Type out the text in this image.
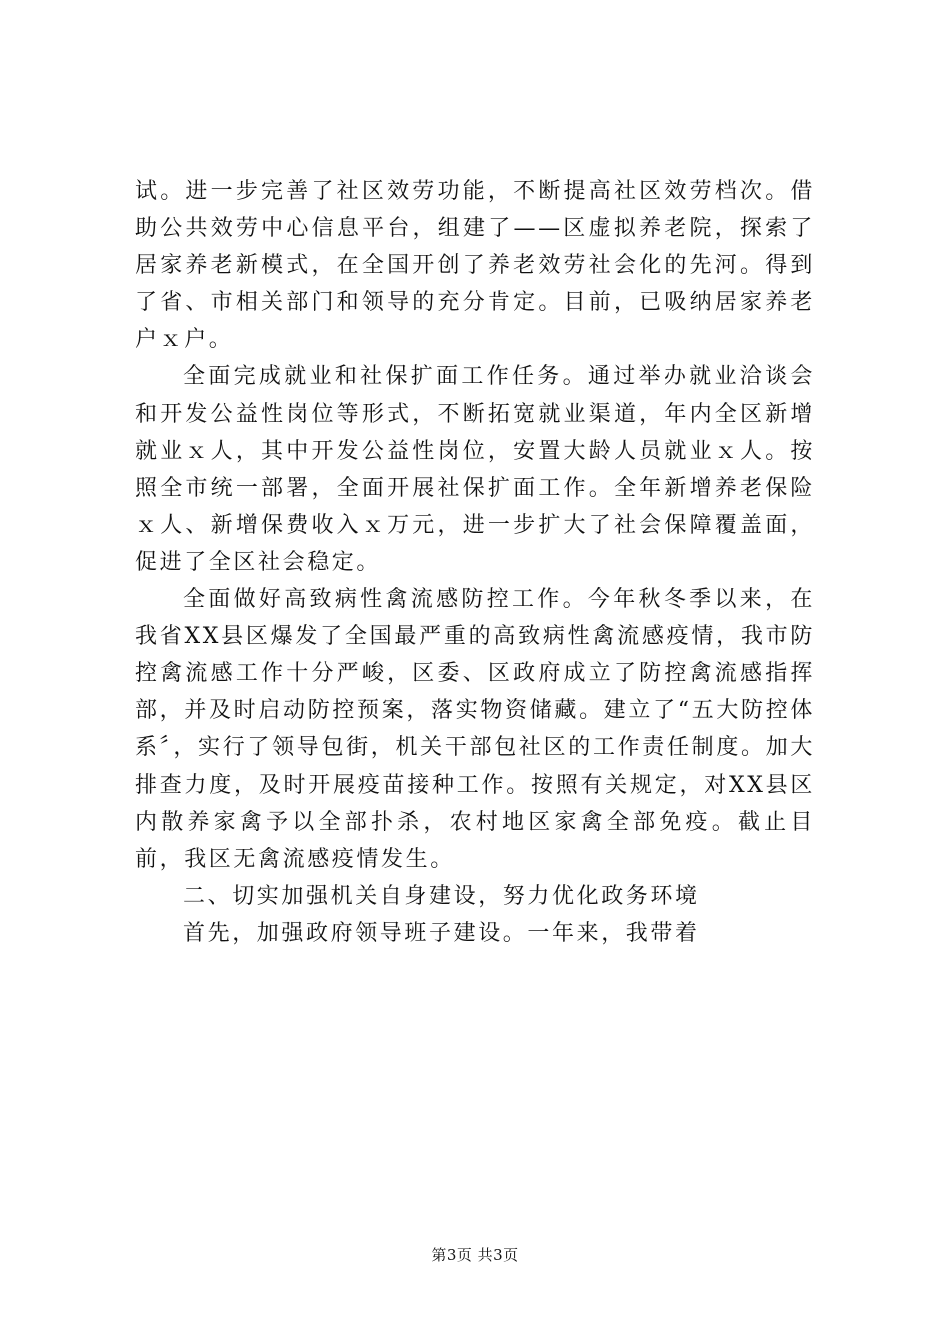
试。进一步完善了社区效劳功能，不断提高社区效劳档次。借助公共效劳中心信息平台，组建了——区虚拟养老院，探索了居家养老新模式，在全国开创了养老效劳社会化的先河。得到了省、市相关部门和领导的充分肯定。目前，已吸纳居家养老户ｘ户。

全面完成就业和社保扩面工作任务。通过举办就业洽谈会和开发公益性岗位等形式，不断拓宽就业渠道，年内全区新增就业ｘ人，其中开发公益性岗位，安置大龄人员就业ｘ人。按照全市统一部署，全面开展社保扩面工作。全年新增养老保险ｘ人、新增保费收入ｘ万元，进一步扩大了社会保障覆盖面，促进了全区社会稳定。

全面做好高致病性禽流感防控工作。今年秋冬季以来，在我省XX县区爆发了全国最严重的高致病性禽流感疫情，我市防控禽流感工作十分严峻，区委、区政府成立了防控禽流感指挥部，并及时启动防控预案，落实物资储藏。建立了“五大防控体系〞，实行了领导包街，机关干部包社区的工作责任制度。加大排查力度，及时开展疫苗接种工作。按照有关规定，对XX县区内散养家禽予以全部扑杀，农村地区家禽全部免疫。截止目前，我区无禽流感疫情发生。

二、切实加强机关自身建设，努力优化政务环境

首先，加强政府领导班子建设。一年来，我带着

第3页 共3页
